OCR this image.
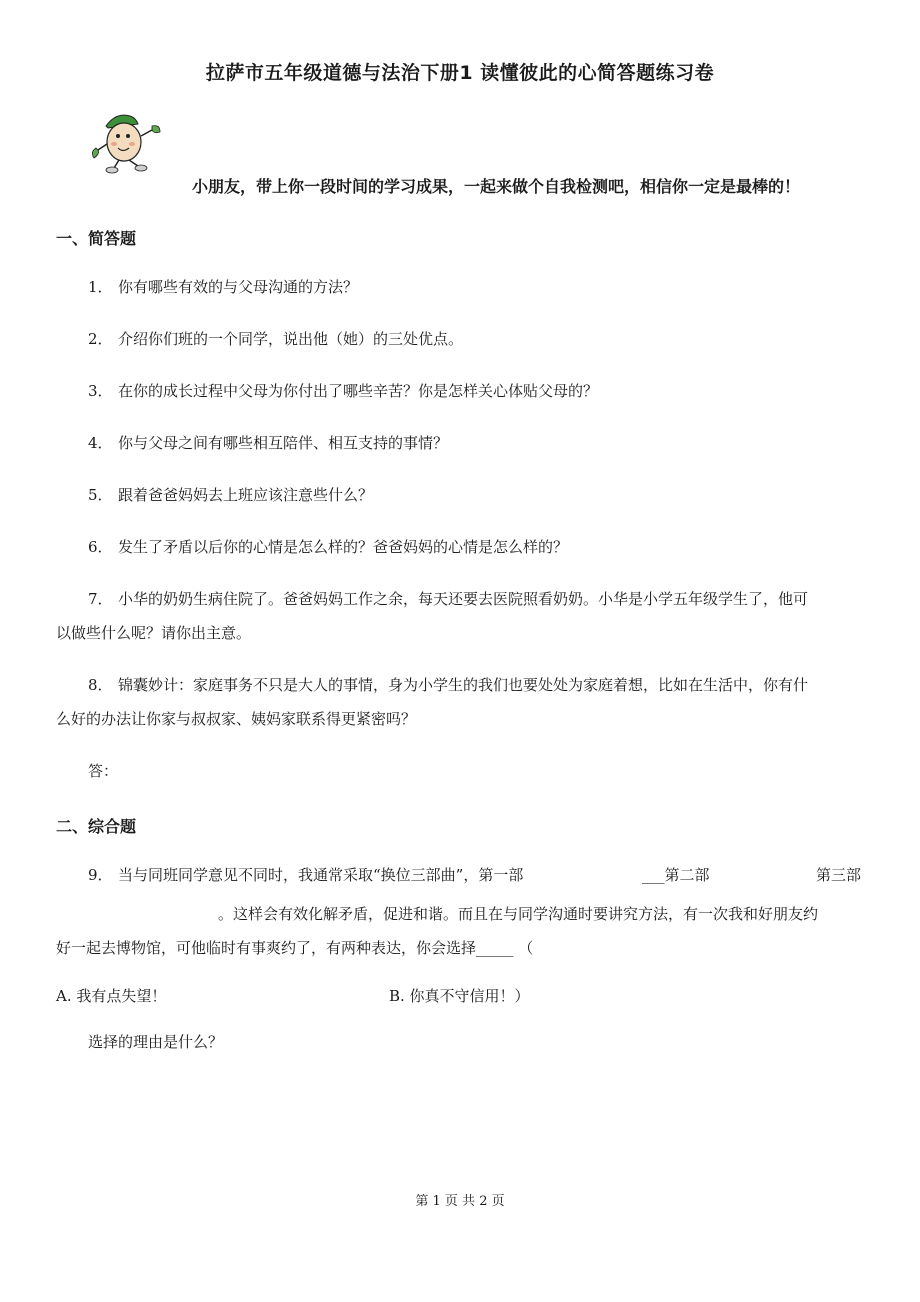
拉萨市五年级道德与法治下册1 读懂彼此的心简答题练习卷
小朋友，带上你一段时间的学习成果，一起来做个自我检测吧，相信你一定是最棒的！
一、简答题
1． 你有哪些有效的与父母沟通的方法？
2． 介绍你们班的一个同学，说出他（她）的三处优点。
3． 在你的成长过程中父母为你付出了哪些辛苦？你是怎样关心体贴父母的？
4． 你与父母之间有哪些相互陪伴、相互支持的事情？
5． 跟着爸爸妈妈去上班应该注意些什么？
6． 发生了矛盾以后你的心情是怎么样的？爸爸妈妈的心情是怎么样的？
7． 小华的奶奶生病住院了。爸爸妈妈工作之余，每天还要去医院照看奶奶。小华是小学五年级学生了，他可
以做些什么呢？请你出主意。
8． 锦囊妙计：家庭事务不只是大人的事情，身为小学生的我们也要处处为家庭着想，比如在生活中，你有什
么好的办法让你家与叔叔家、姨妈家联系得更紧密吗？
答：
二、综合题
9． 当与同班同学意见不同时，我通常采取“换位三部曲”，第一部	___第二部	第三部
。这样会有效化解矛盾，促进和谐。而且在与同学沟通时要讲究方法，有一次我和好朋友约
好一起去博物馆，可他临时有事爽约了，有两种表达，你会选择_____ （
A. 我有点失望！	B. 你真不守信用！）
选择的理由是什么？
第 1 页 共 2 页
